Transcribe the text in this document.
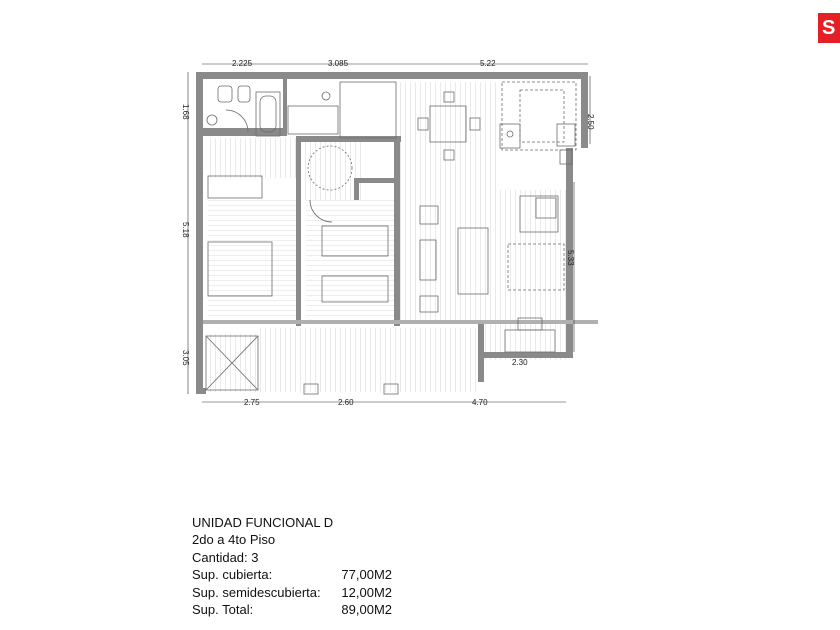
S
2.225	3.085	5.22
2.75	2.60	4.70
1.68
5.18
3.05
2.50
5.33
2.30
UNIDAD FUNCIONAL D
2do a 4to Piso
Cantidad: 3
Sup. cubierta:	77,00M2
Sup. semidescubierta:	12,00M2
Sup. Total:	89,00M2
